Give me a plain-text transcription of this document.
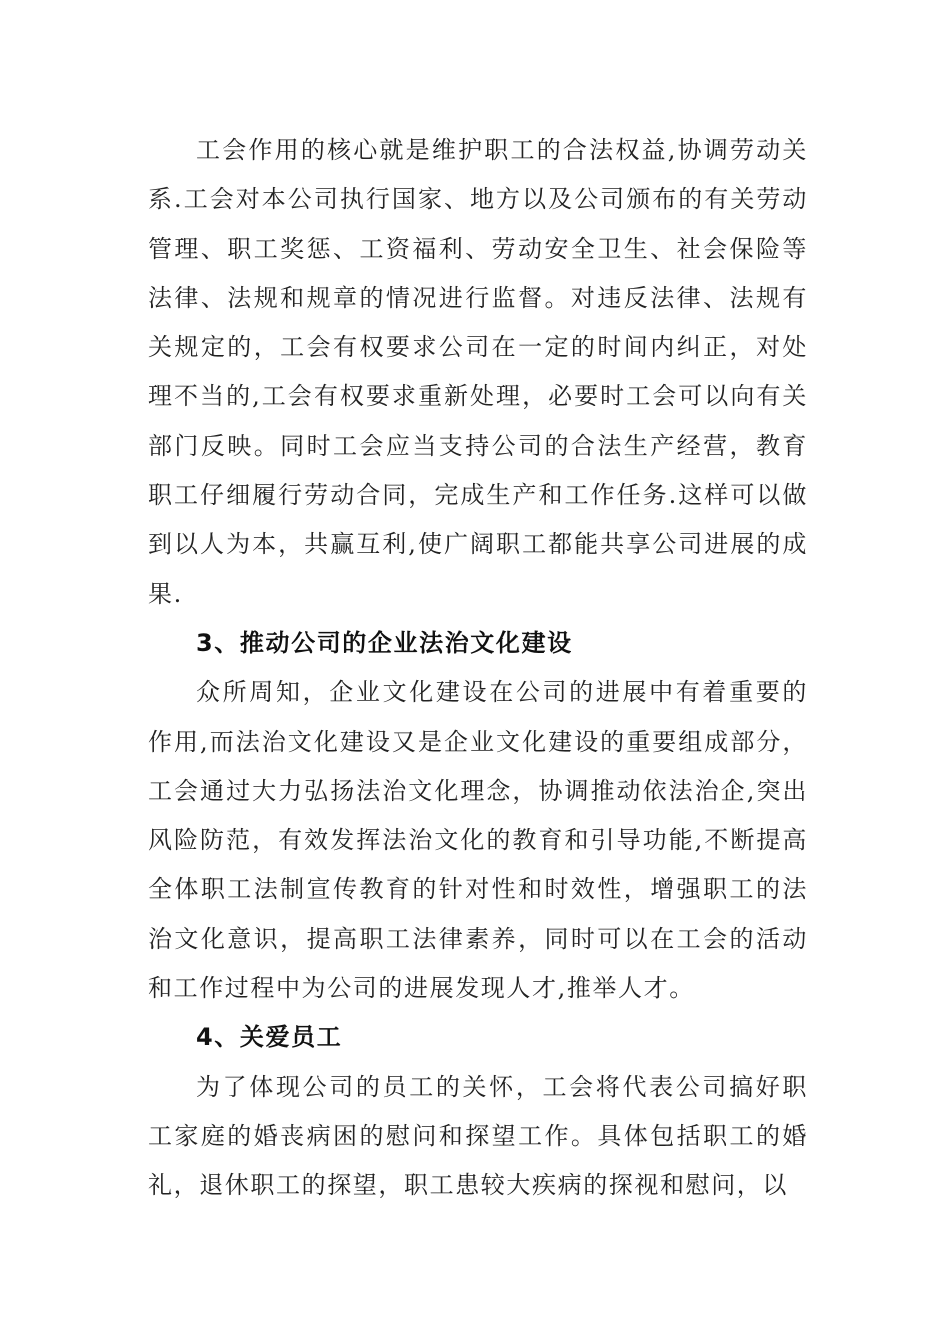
工会作用的核心就是维护职工的合法权益,协调劳动关系.工会对本公司执行国家、地方以及公司颁布的有关劳动管理、职工奖惩、工资福利、劳动安全卫生、社会保险等法律、法规和规章的情况进行监督。对违反法律、法规有关规定的，工会有权要求公司在一定的时间内纠正，对处理不当的,工会有权要求重新处理，必要时工会可以向有关部门反映。同时工会应当支持公司的合法生产经营，教育职工仔细履行劳动合同，完成生产和工作任务.这样可以做到以人为本，共赢互利,使广阔职工都能共享公司进展的成果.

3、推动公司的企业法治文化建设

众所周知，企业文化建设在公司的进展中有着重要的作用,而法治文化建设又是企业文化建设的重要组成部分，工会通过大力弘扬法治文化理念，协调推动依法治企,突出风险防范，有效发挥法治文化的教育和引导功能,不断提高全体职工法制宣传教育的针对性和时效性，增强职工的法治文化意识，提高职工法律素养，同时可以在工会的活动和工作过程中为公司的进展发现人才,推举人才。

4、关爱员工

为了体现公司的员工的关怀，工会将代表公司搞好职工家庭的婚丧病困的慰问和探望工作。具体包括职工的婚礼，退休职工的探望，职工患较大疾病的探视和慰问，以
